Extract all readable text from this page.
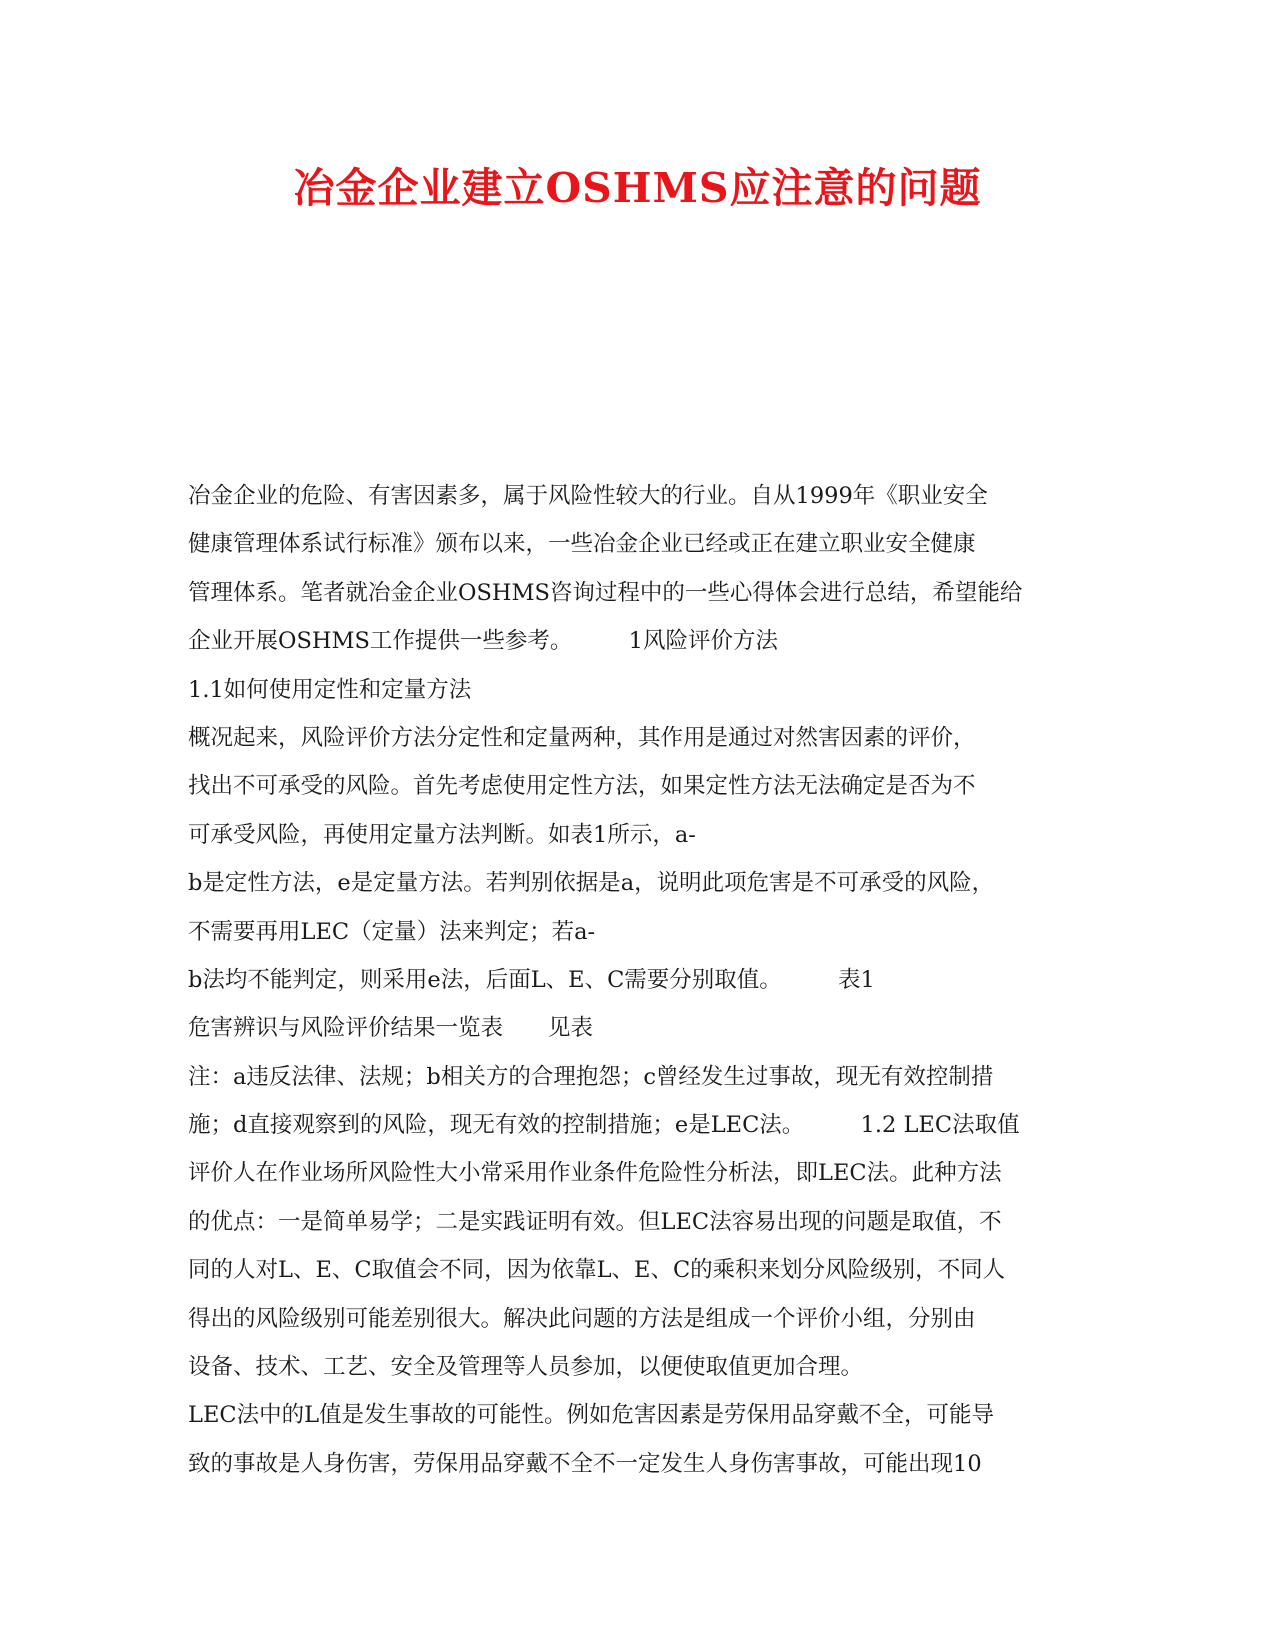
冶金企业建立OSHMS应注意的问题
冶金企业的危险、有害因素多，属于风险性较大的行业。自从1999年《职业安全
健康管理体系试行标准》颁布以来，一些冶金企业已经或正在建立职业安全健康
管理体系。笔者就冶金企业OSHMS咨询过程中的一些心得体会进行总结，希望能给
企业开展OSHMS工作提供一些参考。　　　1风险评价方法
1.1如何使用定性和定量方法
概况起来，风险评价方法分定性和定量两种，其作用是通过对然害因素的评价，
找出不可承受的风险。首先考虑使用定性方法，如果定性方法无法确定是否为不
可承受风险，再使用定量方法判断。如表1所示，a-
b是定性方法，e是定量方法。若判别依据是a，说明此项危害是不可承受的风险，
不需要再用LEC（定量）法来判定；若a-
b法均不能判定，则采用e法，后面L、E、C需要分别取值。　　　表1
危害辨识与风险评价结果一览表　　见表
注：a违反法律、法规；b相关方的合理抱怨；c曾经发生过事故，现无有效控制措
施；d直接观察到的风险，现无有效的控制措施；e是LEC法。　　　1.2 LEC法取值
评价人在作业场所风险性大小常采用作业条件危险性分析法，即LEC法。此种方法
的优点：一是简单易学；二是实践证明有效。但LEC法容易出现的问题是取值，不
同的人对L、E、C取值会不同，因为依靠L、E、C的乘积来划分风险级别，不同人
得出的风险级别可能差别很大。解决此问题的方法是组成一个评价小组，分别由
设备、技术、工艺、安全及管理等人员参加，以便使取值更加合理。
LEC法中的L值是发生事故的可能性。例如危害因素是劳保用品穿戴不全，可能导
致的事故是人身伤害，劳保用品穿戴不全不一定发生人身伤害事故，可能出现10
